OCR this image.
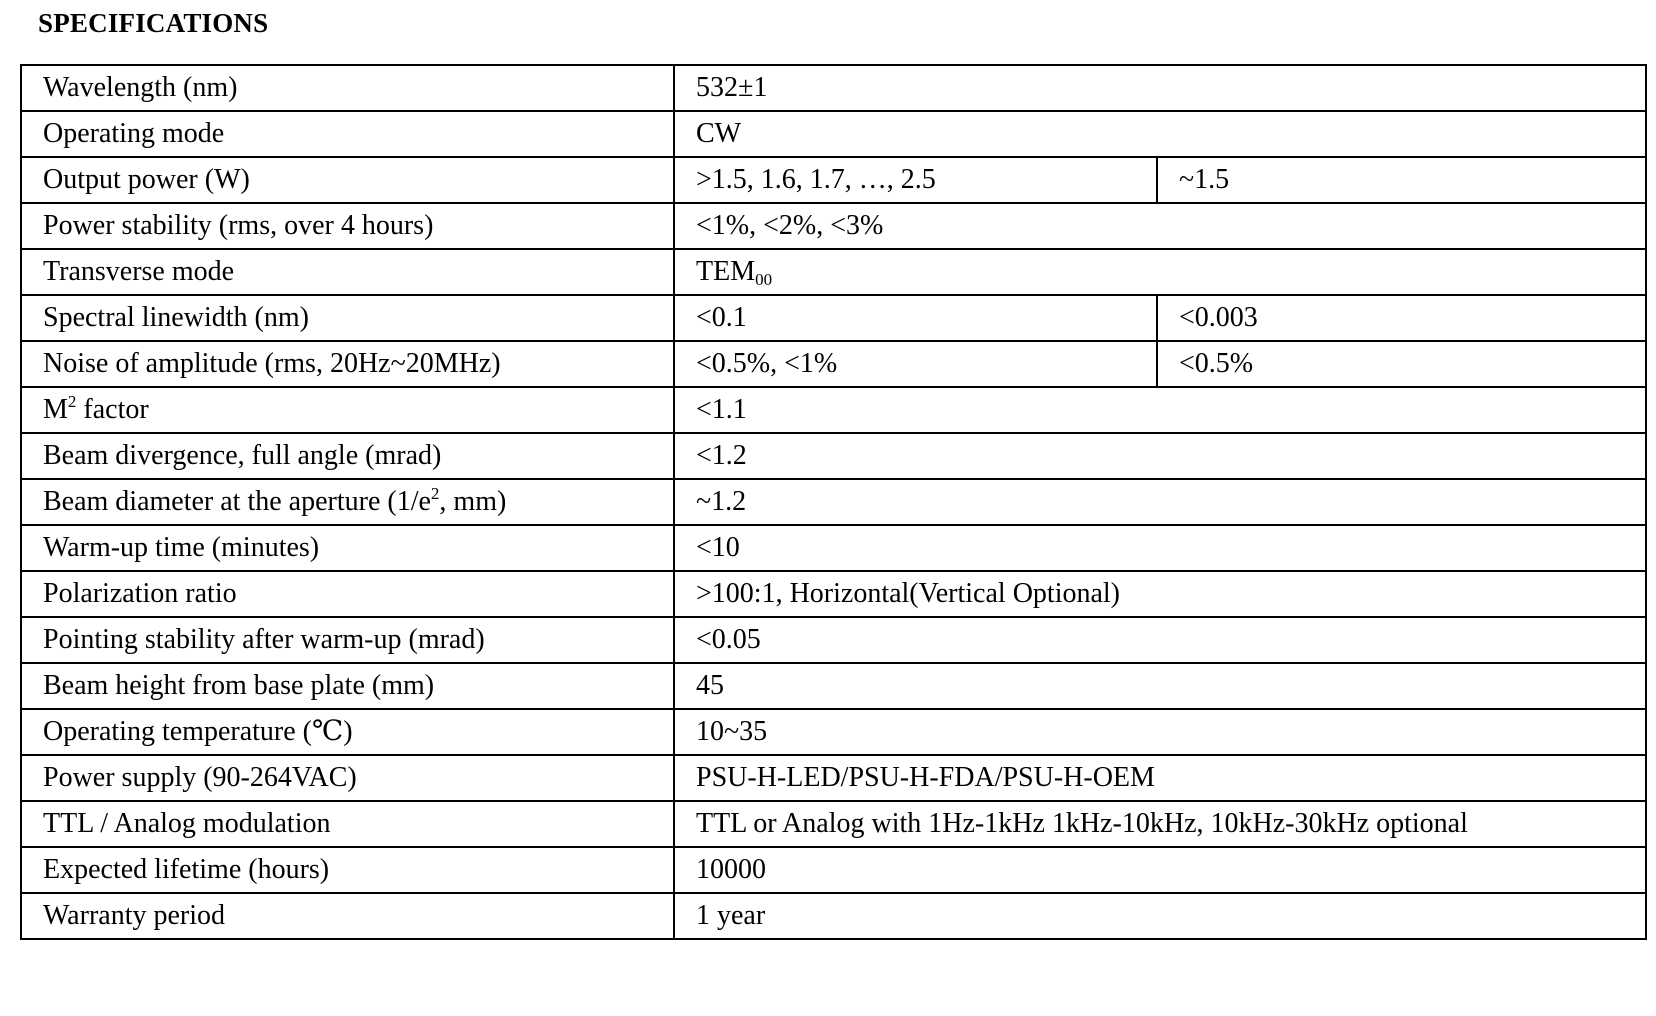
SPECIFICATIONS
Wavelength (nm)	532±1	
Operating mode	CW	
Output power (W)	>1.5, 1.6, 1.7, …, 2.5	~1.5
Power stability (rms, over 4 hours)	<1%, <2%, <3%	
Transverse mode	$TEM_{00}$
Spectral linewidth (nm)	<0.1	<0.003
Noise of amplitude (rms, 20Hz~20MHz)	<0.5%, <1%	<0.5%
$M^2$ factor	<1.1	
Beam divergence, full angle (mrad)	<1.2	
Beam diameter at the aperture ($1/e^2$, mm)	~1.2	
Warm-up time (minutes)	<10	
Polarization ratio	>100:1, Horizontal(Vertical Optional)	
Pointing stability after warm-up (mrad)	<0.05	
Beam height from base plate (mm)	45	
Operating temperature (℃)	10~35	
Power supply (90-264VAC)	PSU-H-LED/PSU-H-FDA/PSU-H-OEM	
TTL / Analog modulation	TTL or Analog with 1Hz-1kHz 1kHz-10kHz, 10kHz-30kHz optional	
Expected lifetime (hours)	10000	
Warranty period	1 year	
